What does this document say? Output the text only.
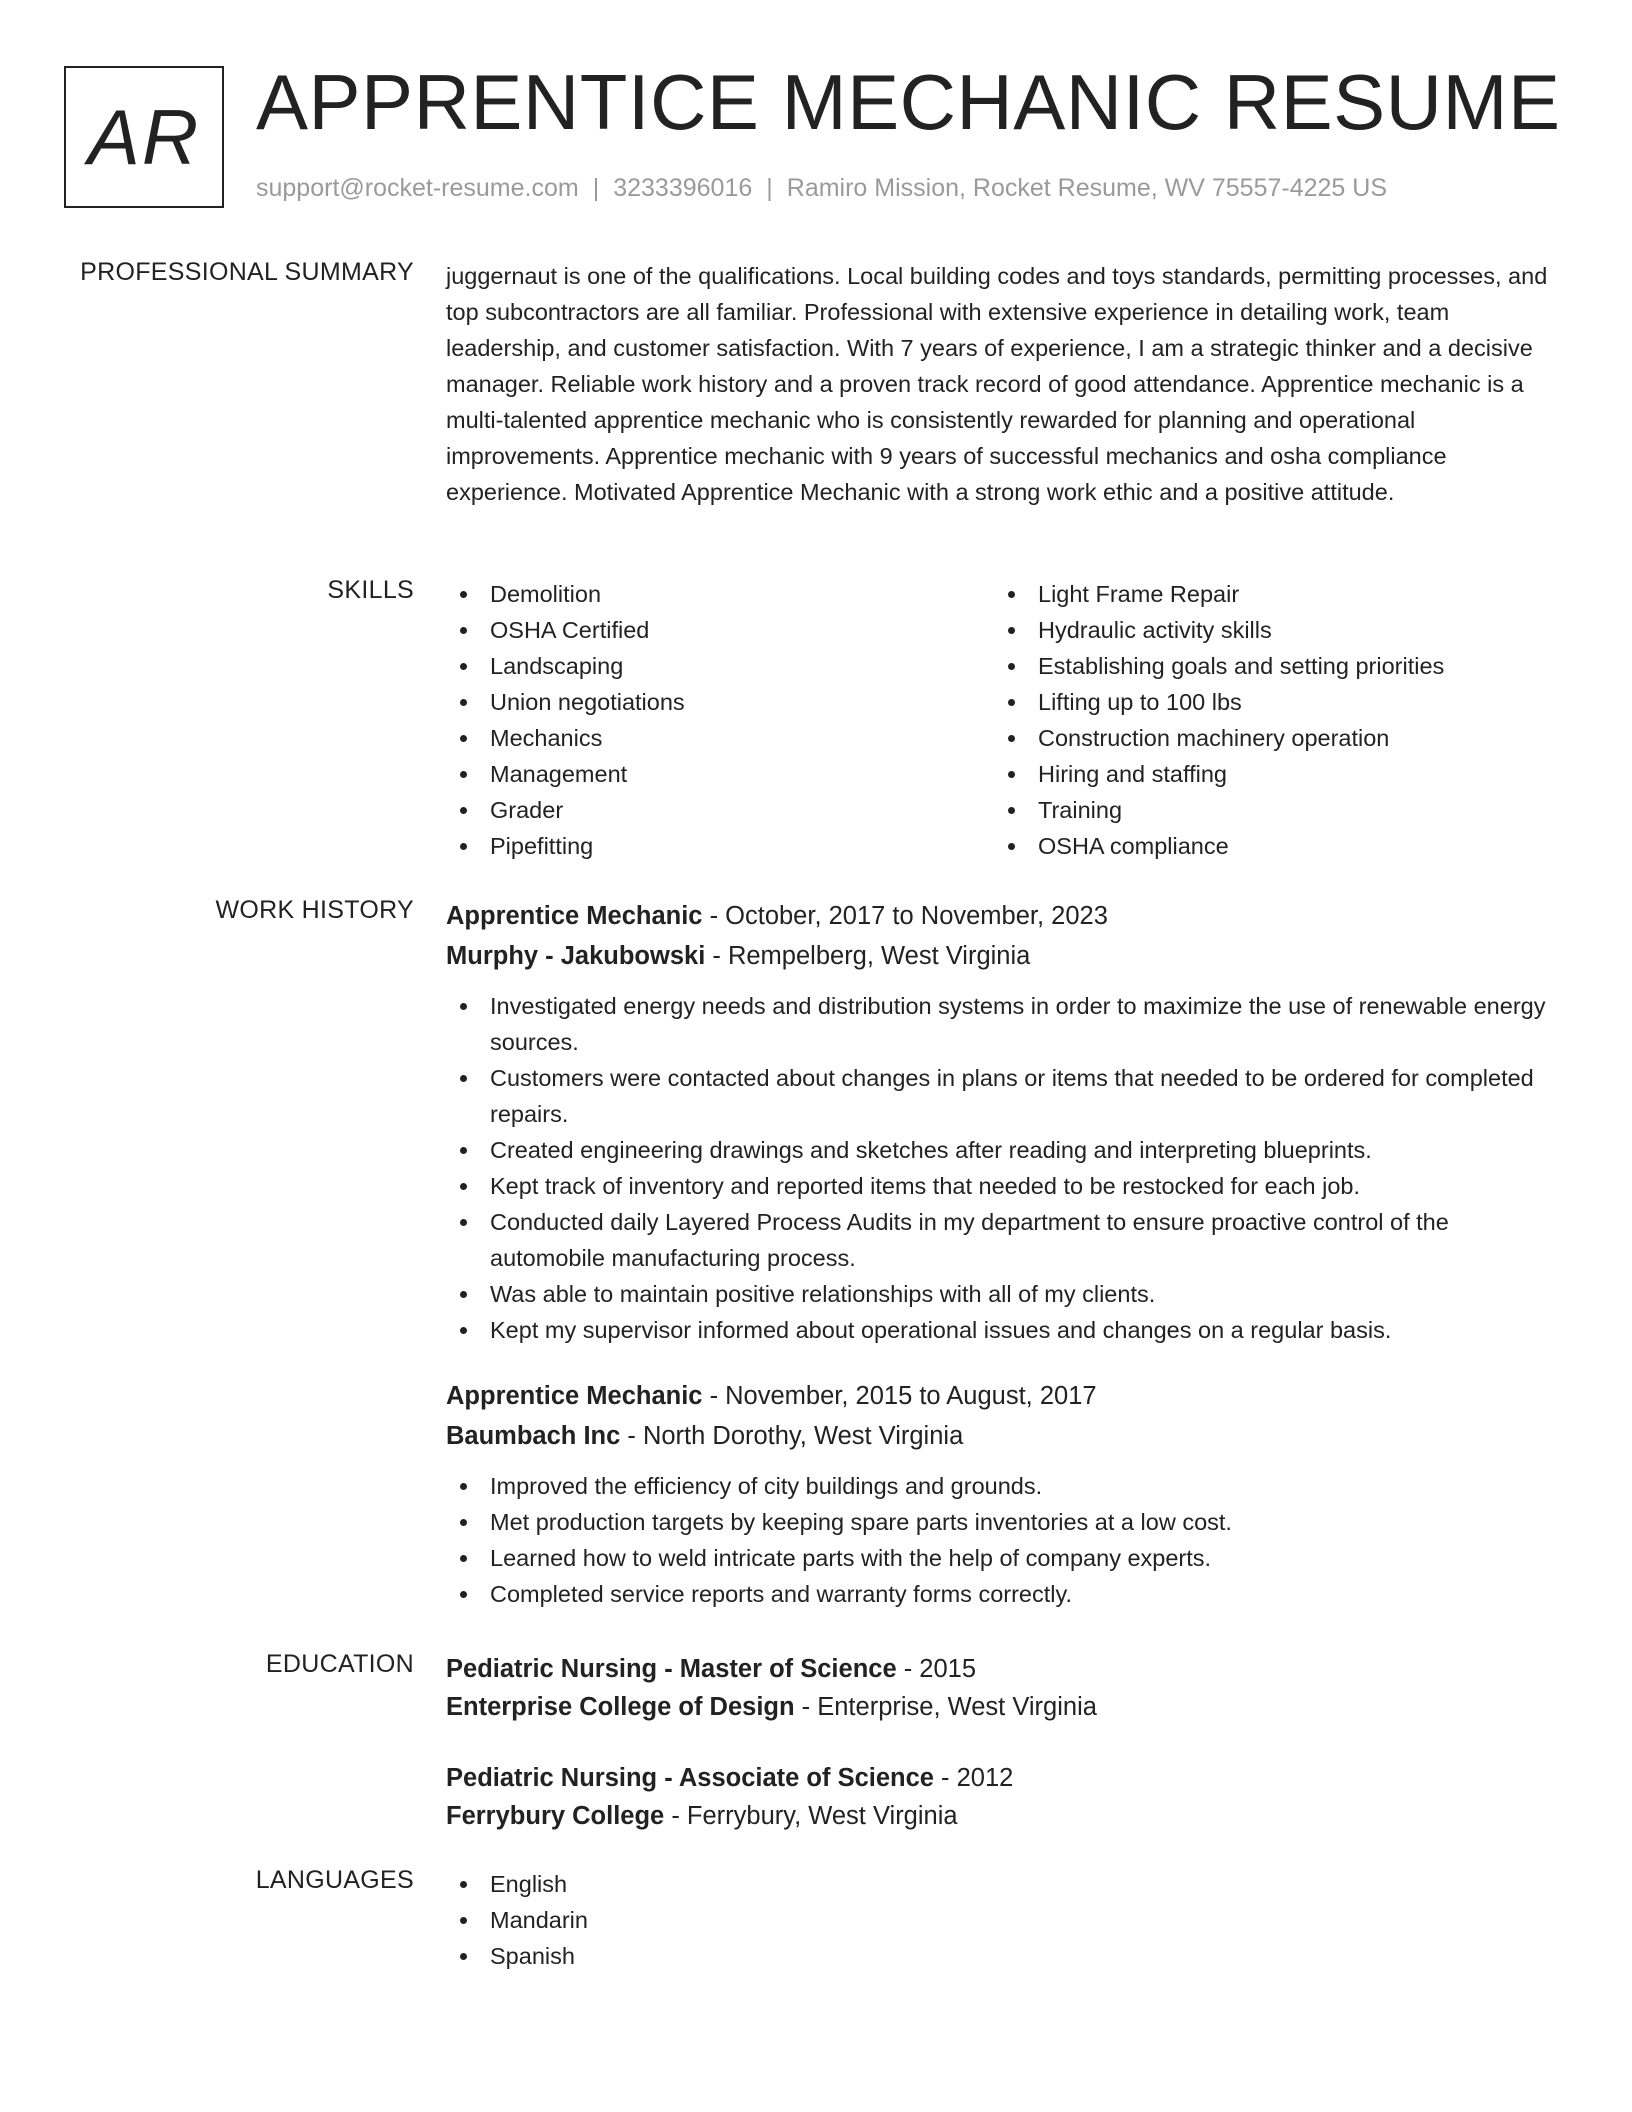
AR APPRENTICE MECHANIC RESUME
support@rocket-resume.com | 3233396016 | Ramiro Mission, Rocket Resume, WV 75557-4225 US
PROFESSIONAL SUMMARY juggernaut is one of the qualifications. Local building codes and toys standards, permitting processes, and top subcontractors are all familiar. Professional with extensive experience in detailing work, team leadership, and customer satisfaction. With 7 years of experience, I am a strategic thinker and a decisive manager. Reliable work history and a proven track record of good attendance. Apprentice mechanic is a multi-talented apprentice mechanic who is consistently rewarded for planning and operational improvements. Apprentice mechanic with 9 years of successful mechanics and osha compliance experience. Motivated Apprentice Mechanic with a strong work ethic and a positive attitude.
SKILLS	Demolition
OSHA Certified
Landscaping
Union negotiations
Mechanics
Management
Grader
Pipefitting
Light Frame Repair
Hydraulic activity skills
Establishing goals and setting priorities
Lifting up to 100 lbs
Construction machinery operation
Hiring and staffing
Training
OSHA compliance
WORK HISTORY Apprentice Mechanic - October, 2017 to November, 2023
Murphy - Jakubowski - Rempelberg, West Virginia
Investigated energy needs and distribution systems in order to maximize the use of renewable energy sources.
Customers were contacted about changes in plans or items that needed to be ordered for completed repairs.
Created engineering drawings and sketches after reading and interpreting blueprints.
Kept track of inventory and reported items that needed to be restocked for each job.
Conducted daily Layered Process Audits in my department to ensure proactive control of the automobile manufacturing process.
Was able to maintain positive relationships with all of my clients.
Kept my supervisor informed about operational issues and changes on a regular basis.
Apprentice Mechanic - November, 2015 to August, 2017
Baumbach Inc - North Dorothy, West Virginia
Improved the efficiency of city buildings and grounds.
Met production targets by keeping spare parts inventories at a low cost.
Learned how to weld intricate parts with the help of company experts.
Completed service reports and warranty forms correctly.
EDUCATION Pediatric Nursing - Master of Science - 2015
Enterprise College of Design - Enterprise, West Virginia
Pediatric Nursing - Associate of Science - 2012
Ferrybury College - Ferrybury, West Virginia
LANGUAGES	English
Mandarin
Spanish
